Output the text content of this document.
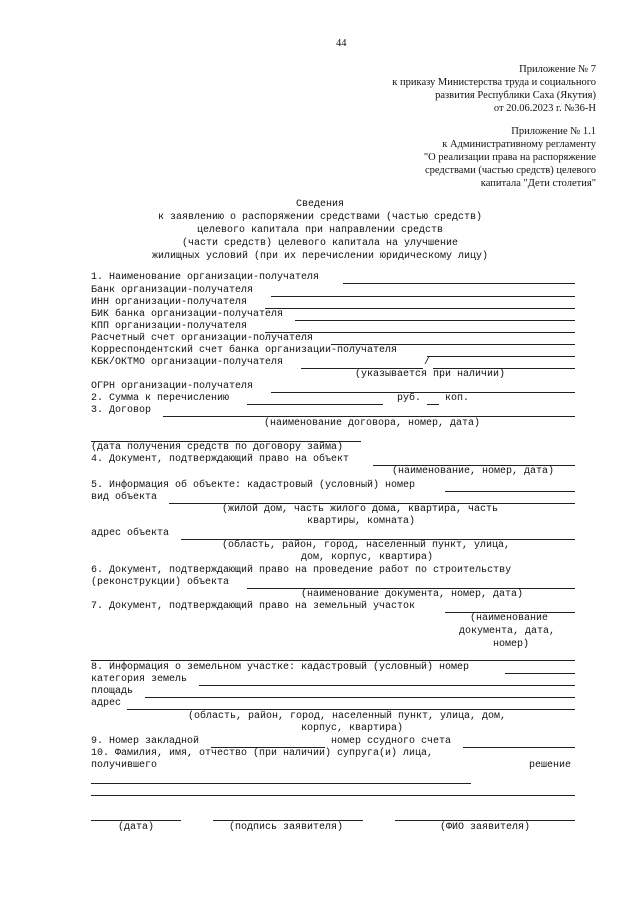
44
Приложение № 7
к приказу Министерства труда и социального
развития Республики Саха (Якутия)
от 20.06.2023 г. №36-Н
Приложение № 1.1
к Административному регламенту
"О реализации права на распоряжение
средствами (частью средств) целевого
капитала "Дети столетия"
Сведения
к заявлению о распоряжении средствами (частью средств)
целевого капитала при направлении средств
(части средств) целевого капитала на улучшение
жилищных условий (при их перечислении юридическому лицу)
1. Наименование организации-получателя
Банк организации-получателя
ИНН организации-получателя
БИК банка организации-получателя
КПП организации-получателя
Расчетный счет организации-получателя
Корреспондентский счет банка организации-получателя
КБК/ОКТМО организации-получателя	/
(указывается при наличии)
ОГРН организации-получателя
2. Сумма к перечислению	руб. коп.
3. Договор
(наименование договора, номер, дата)
(дата получения средств по договору займа)
4. Документ, подтверждающий право на объект
(наименование, номер, дата)
5. Информация об объекте: кадастровый (условный) номер
вид объекта
(жилой дом, часть жилого дома, квартира, часть
квартиры, комната)
адрес объекта
(область, район, город, населенный пункт, улица,
дом, корпус, квартира)
6. Документ, подтверждающий право на проведение работ по строительству
(реконструкции) объекта
(наименование документа, номер, дата)
7. Документ, подтверждающий право на земельный участок
(наименование
документа, дата,
номер)
8. Информация о земельном участке: кадастровый (условный) номер
категория земель
площадь
адрес
(область, район, город, населенный пункт, улица, дом,
корпус, квартира)
9. Номер закладной	номер ссудного счета
10. Фамилия, имя, отчество (при наличии) супруга(и) лица,
получившего	решение
(дата)	(подпись заявителя)	(ФИО заявителя)
